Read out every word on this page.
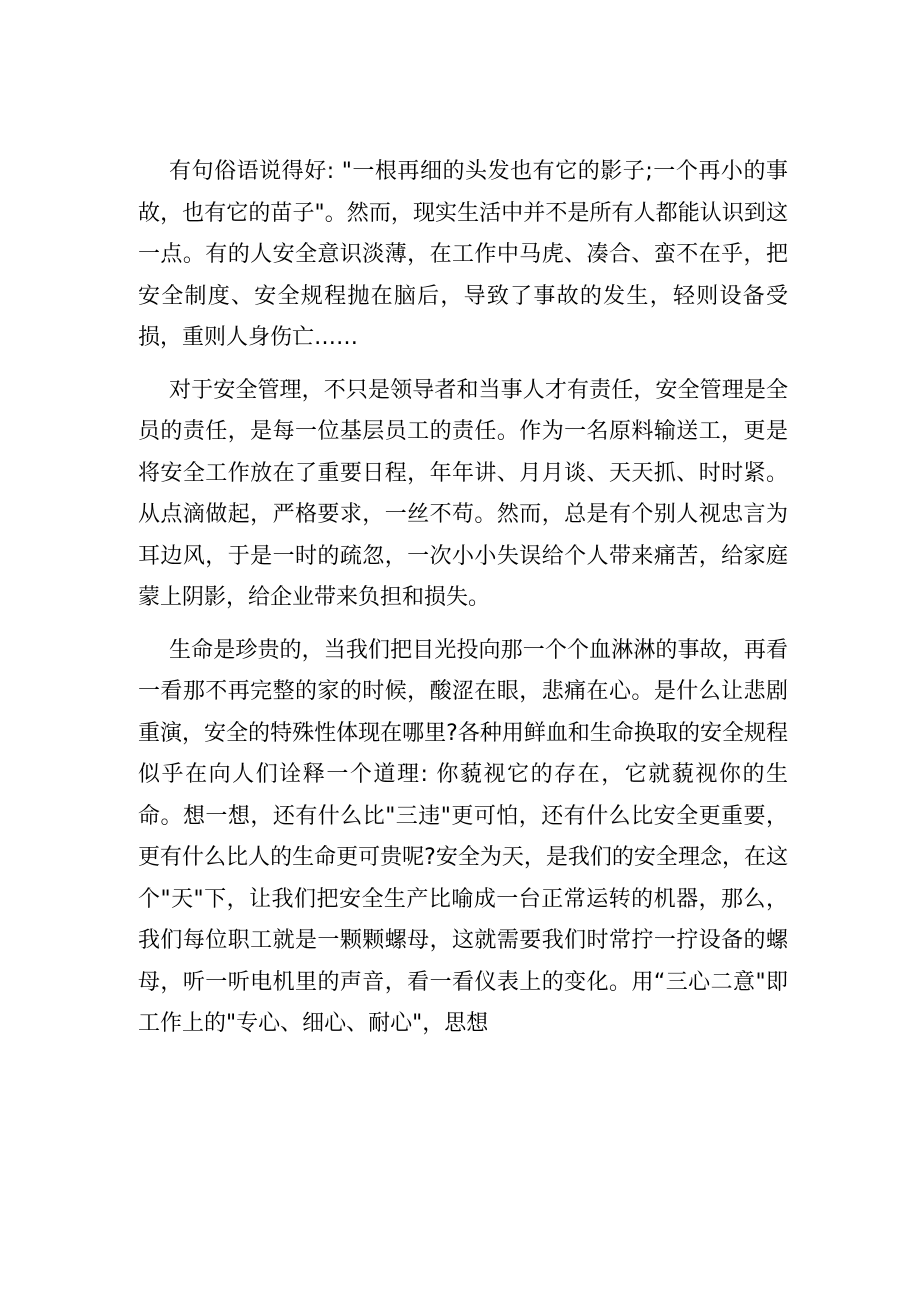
有句俗语说得好: "一根再细的头发也有它的影子;一个再小的事故，也有它的苗子"。然而，现实生活中并不是所有人都能认识到这一点。有的人安全意识淡薄，在工作中马虎、凑合、蛮不在乎，把安全制度、安全规程抛在脑后，导致了事故的发生，轻则设备受损，重则人身伤亡……

对于安全管理，不只是领导者和当事人才有责任，安全管理是全员的责任，是每一位基层员工的责任。作为一名原料输送工，更是将安全工作放在了重要日程，年年讲、月月谈、天天抓、时时紧。从点滴做起，严格要求，一丝不苟。然而，总是有个别人视忠言为耳边风，于是一时的疏忽，一次小小失误给个人带来痛苦，给家庭蒙上阴影，给企业带来负担和损失。

生命是珍贵的，当我们把目光投向那一个个血淋淋的事故，再看一看那不再完整的家的时候，酸涩在眼，悲痛在心。是什么让悲剧重演，安全的特殊性体现在哪里?各种用鲜血和生命换取的安全规程似乎在向人们诠释一个道理: 你藐视它的存在，它就藐视你的生命。想一想，还有什么比"三违"更可怕，还有什么比安全更重要，更有什么比人的生命更可贵呢?安全为天，是我们的安全理念，在这个"天"下，让我们把安全生产比喻成一台正常运转的机器，那么，我们每位职工就是一颗颗螺母，这就需要我们时常拧一拧设备的螺母，听一听电机里的声音，看一看仪表上的变化。用“三心二意"即工作上的"专心、细心、耐心"，思想
